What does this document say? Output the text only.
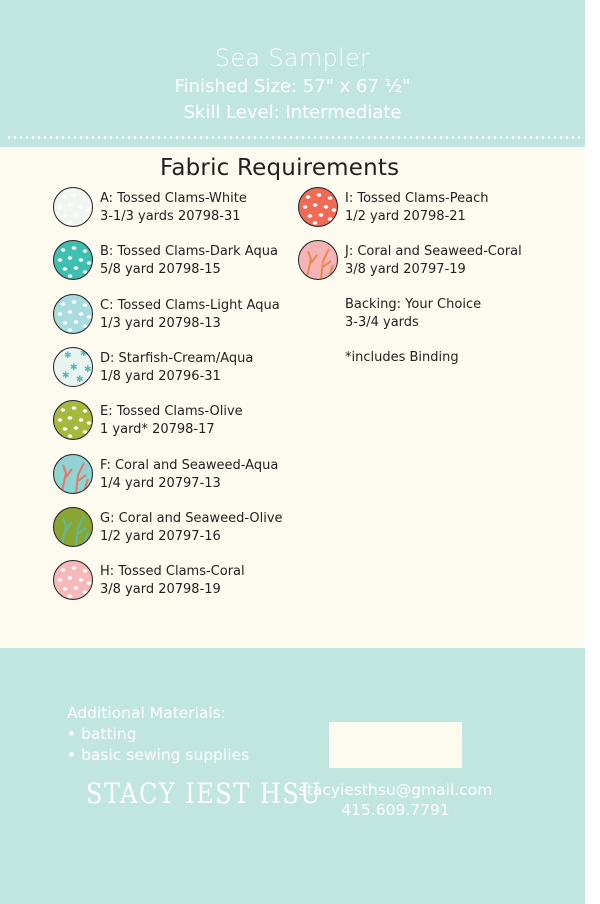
Sea Sampler
Finished Size: 57" x 67 ½"
Skill Level: Intermediate
Fabric Requirements
A: Tossed Clams-White
3-1/3 yards 20798-31
B: Tossed Clams-Dark Aqua
5/8 yard 20798-15
C: Tossed Clams-Light Aqua
1/3 yard 20798-13
✱ ✱
✱ ✱
✱ ✱
D: Starfish-Cream/Aqua
1/8 yard 20796-31
E: Tossed Clams-Olive
1 yard* 20798-17
F: Coral and Seaweed-Aqua
1/4 yard 20797-13
G: Coral and Seaweed-Olive
1/2 yard 20797-16
H: Tossed Clams-Coral
3/8 yard 20798-19
I: Tossed Clams-Peach
1/2 yard 20798-21
J: Coral and Seaweed-Coral
3/8 yard 20797-19
Backing: Your Choice
3-3/4 yards
*includes Binding
Additional Materials:
• batting
• basic sewing supplies
STACY IEST HSU
stacyiesthsu@gmail.com
415.609.7791
